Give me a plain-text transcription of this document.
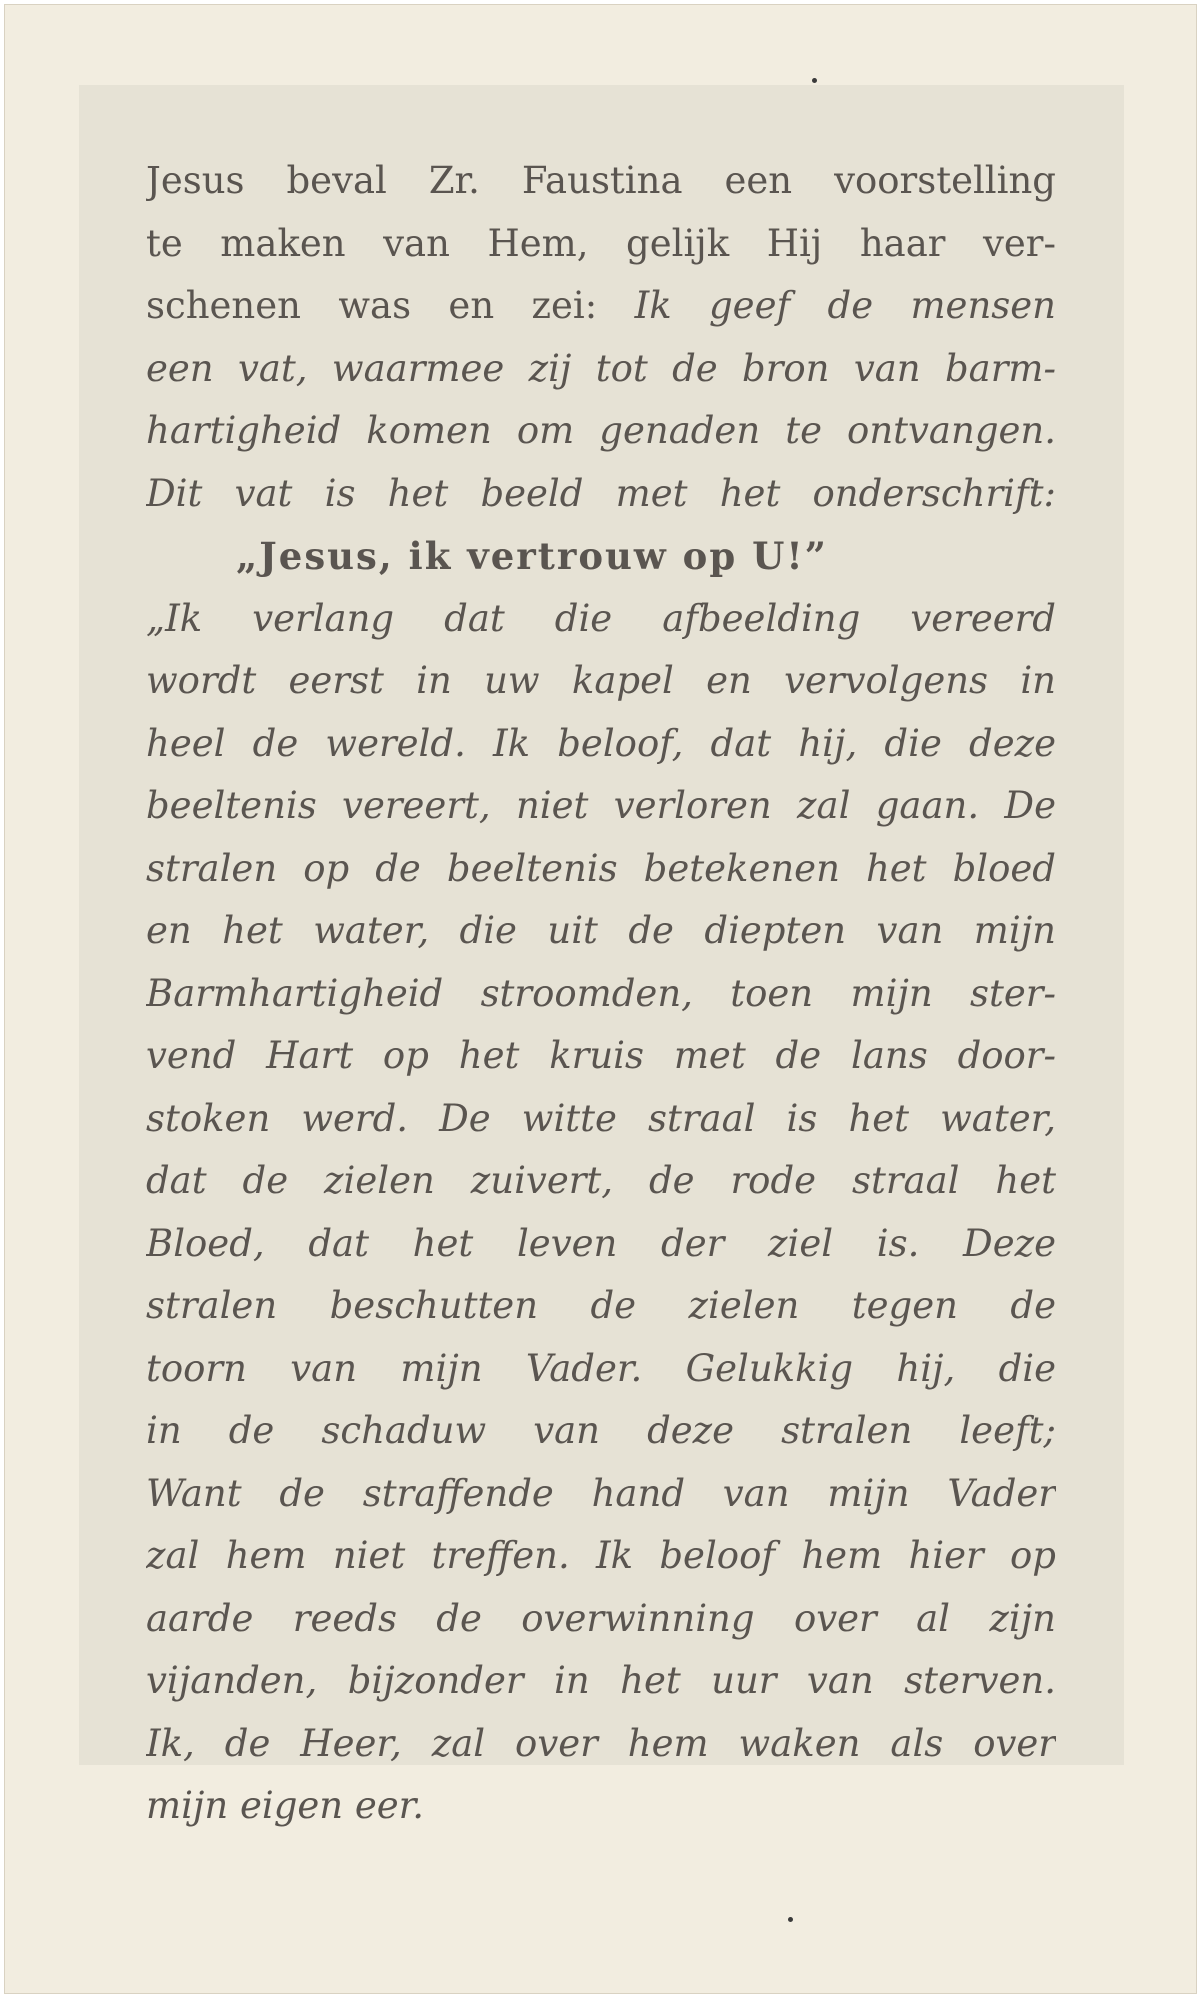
Jesus beval Zr. Faustina een voorstelling
te maken van Hem, gelijk Hij haar ver-
schenen was en zei: Ik geef de mensen
een vat, waarmee zij tot de bron van barm-
hartigheid komen om genaden te ontvangen.
Dit vat is het beeld met het onderschrift:
„Jesus, ik vertrouw op U!”
„Ik verlang dat die afbeelding vereerd
wordt eerst in uw kapel en vervolgens in
heel de wereld. Ik beloof, dat hij, die deze
beeltenis vereert, niet verloren zal gaan. De
stralen op de beeltenis betekenen het bloed
en het water, die uit de diepten van mijn
Barmhartigheid stroomden, toen mijn ster-
vend Hart op het kruis met de lans door-
stoken werd. De witte straal is het water,
dat de zielen zuivert, de rode straal het
Bloed, dat het leven der ziel is. Deze
stralen beschutten de zielen tegen de
toorn van mijn Vader. Gelukkig hij, die
in de schaduw van deze stralen leeft;
Want de straffende hand van mijn Vader
zal hem niet treffen. Ik beloof hem hier op
aarde reeds de overwinning over al zijn
vijanden, bijzonder in het uur van sterven.
Ik, de Heer, zal over hem waken als over
mijn eigen eer.
